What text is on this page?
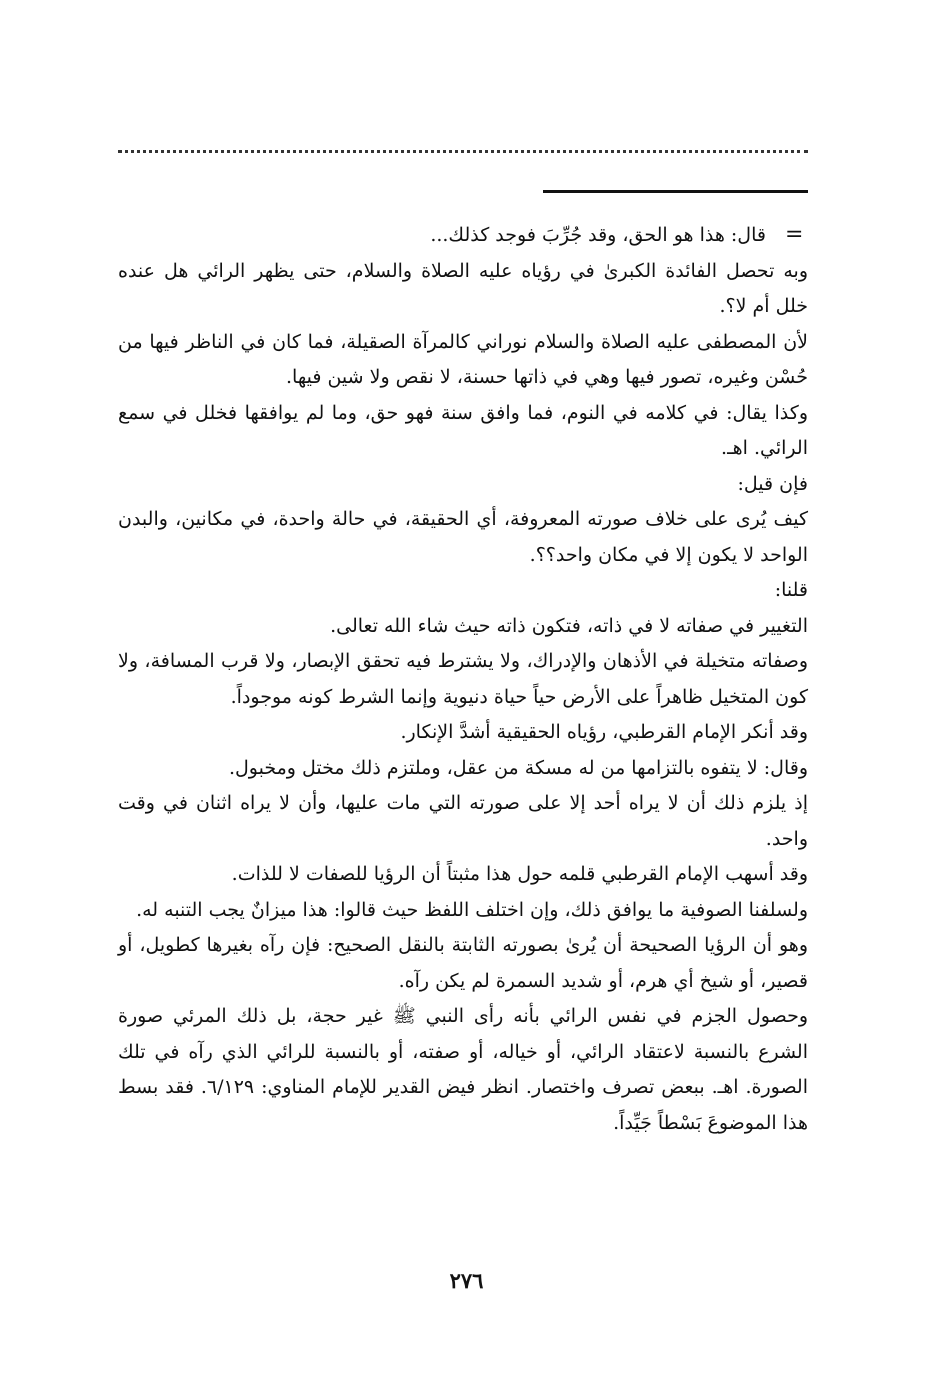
=

قال: هذا هو الحق، وقد جُرِّبَ فوجد كذلك...

وبه تحصل الفائدة الكبرىٰ في رؤياه عليه الصلاة والسلام، حتى يظهر الرائي هل عنده خلل أم لا؟.

لأن المصطفى عليه الصلاة والسلام نوراني كالمرآة الصقيلة، فما كان في الناظر فيها من حُسْن وغيره، تصور فيها وهي في ذاتها حسنة، لا نقص ولا شين فيها.

وكذا يقال: في كلامه في النوم، فما وافق سنة فهو حق، وما لم يوافقها فخلل في سمع الرائي. اهـ.

فإن قيل:

كيف يُرى على خلاف صورته المعروفة، أي الحقيقة، في حالة واحدة، في مكانين، والبدن الواحد لا يكون إلا في مكان واحد؟؟.

قلنا:

التغيير في صفاته لا في ذاته، فتكون ذاته حيث شاء الله تعالى.

وصفاته متخيلة في الأذهان والإدراك، ولا يشترط فيه تحقق الإبصار، ولا قرب المسافة، ولا كون المتخيل ظاهراً على الأرض حياً حياة دنيوية وإنما الشرط كونه موجوداً.

وقد أنكر الإمام القرطبي، رؤياه الحقيقية أشدَّ الإنكار.

وقال: لا يتفوه بالتزامها من له مسكة من عقل، وملتزم ذلك مختل ومخبول.

إذ يلزم ذلك أن لا يراه أحد إلا على صورته التي مات عليها، وأن لا يراه اثنان في وقت واحد.

وقد أسهب الإمام القرطبي قلمه حول هذا مثبتاً أن الرؤيا للصفات لا للذات.

ولسلفنا الصوفية ما يوافق ذلك، وإن اختلف اللفظ حيث قالوا: هذا ميزانٌ يجب التنبه له.

وهو أن الرؤيا الصحيحة أن يُرىٰ بصورته الثابتة بالنقل الصحيح: فإن رآه بغيرها كطويل، أو قصير، أو شيخ أي هرم، أو شديد السمرة لم يكن رآه.

وحصول الجزم في نفس الرائي بأنه رأى النبي ﷺ غير حجة، بل ذلك المرئي صورة الشرع بالنسبة لاعتقاد الرائي، أو خياله، أو صفته، أو بالنسبة للرائي الذي رآه في تلك الصورة. اهـ. ببعض تصرف واختصار. انظر فيض القدير للإمام المناوي: ٦/١٢٩. فقد بسط هذا الموضوعَ بَسْطاً جَيِّداً.

٢٧٦
